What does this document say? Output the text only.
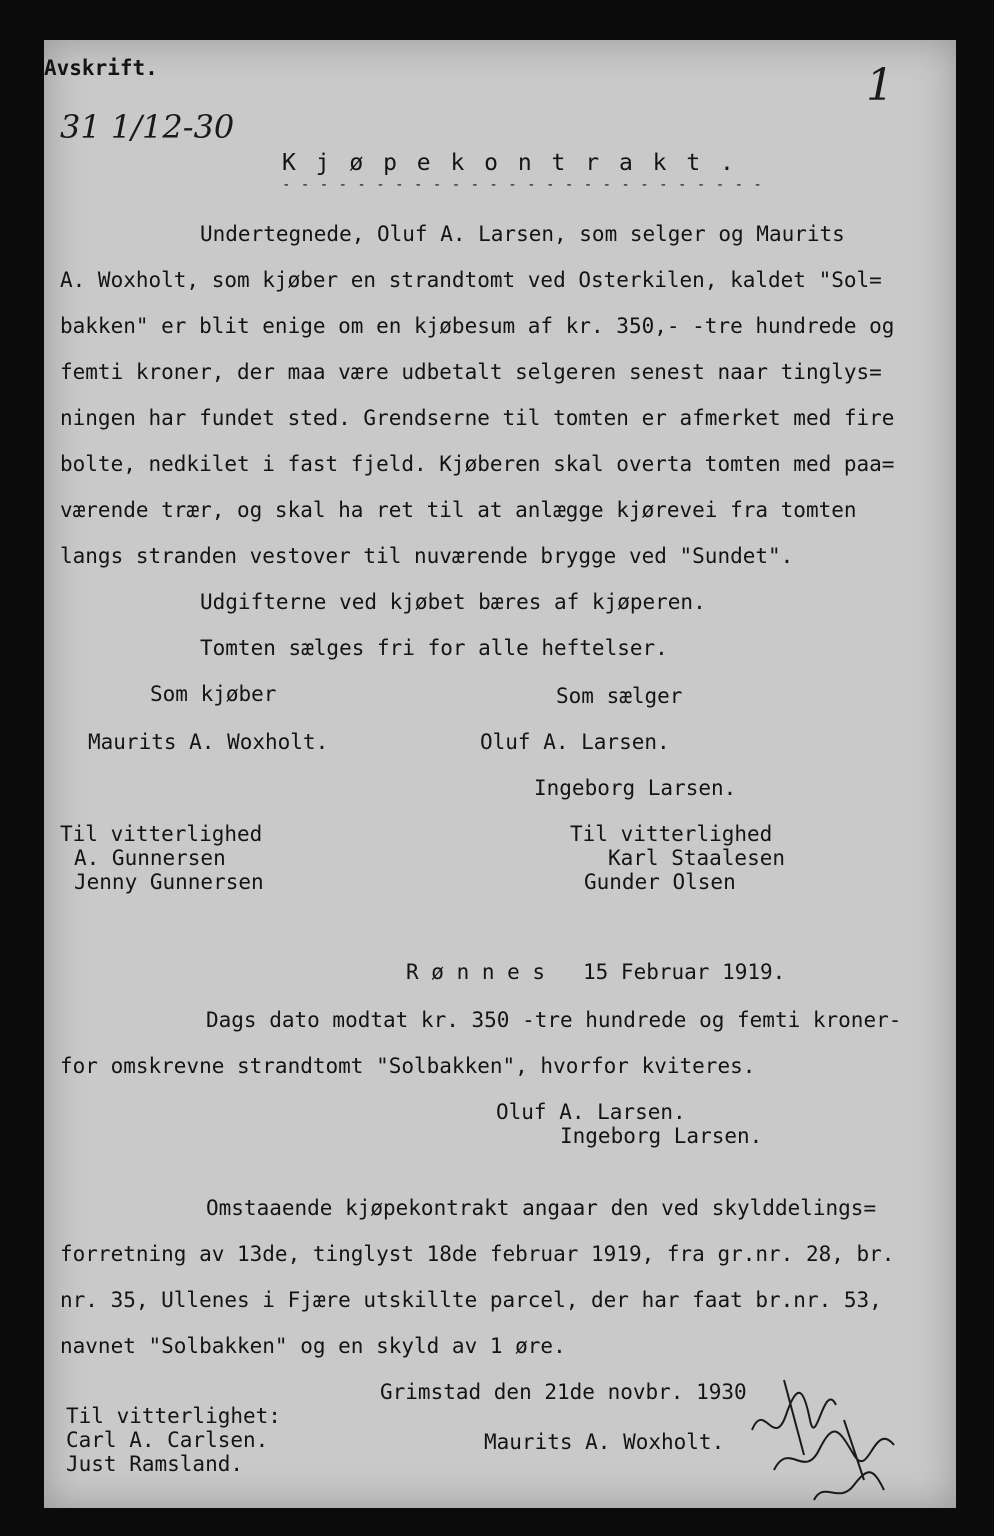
Avskrift.	1
31 1/12-30
K j ø p e k o n t r a k t .
- - - - - - - - - - - - - - - - - - - - - - - - - -
Undertegnede, Oluf A. Larsen, som selger og Maurits
A. Woxholt, som kjøber en strandtomt ved Osterkilen, kaldet "Sol=
bakken" er blit enige om en kjøbesum af kr. 350,- -tre hundrede og
femti kroner, der maa være udbetalt selgeren senest naar tinglys=
ningen har fundet sted. Grendserne til tomten er afmerket med fire
bolte, nedkilet i fast fjeld. Kjøberen skal overta tomten med paa=
værende trær, og skal ha ret til at anlægge kjørevei fra tomten
langs stranden vestover til nuværende brygge ved "Sundet".
Udgifterne ved kjøbet bæres af kjøperen.
Tomten sælges fri for alle heftelser.
Som kjøber	Som sælger
Maurits A. Woxholt.	Oluf A. Larsen.
Ingeborg Larsen.
Til vitterlighed
A. Gunnersen
Jenny Gunnersen
Til vitterlighed
Karl Staalesen
Gunder Olsen
R ø n n e s   15 Februar 1919.
Dags dato modtat kr. 350 -tre hundrede og femti kroner-
for omskrevne strandtomt "Solbakken", hvorfor kviteres.
Oluf A. Larsen.
Ingeborg Larsen.
Omstaaende kjøpekontrakt angaar den ved skylddelings=
forretning av 13de, tinglyst 18de februar 1919, fra gr.nr. 28, br.
nr. 35, Ullenes i Fjære utskillte parcel, der har faat br.nr. 53,
navnet "Solbakken" og en skyld av 1 øre.
Grimstad den 21de novbr. 1930
Til vitterlighet:
Carl A. Carlsen.
Just Ramsland.
Maurits A. Woxholt.
